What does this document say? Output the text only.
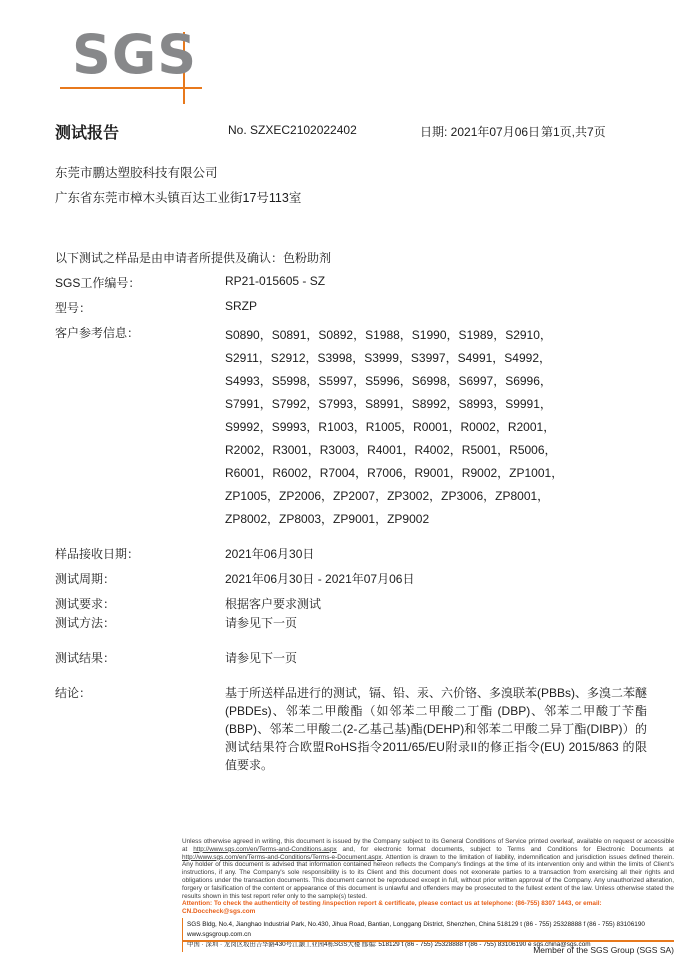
SGS
测试报告	No. SZXEC2102022402	日期: 2021年07月06日 第1页,共7页
东莞市鹏达塑胶科技有限公司
广东省东莞市樟木头镇百达工业街17号113室
以下测试之样品是由申请者所提供及确认：色粉助剂
SGS工作编号：	RP21-015605 - SZ
型号：	SRZP
客户参考信息：	S0890，S0891，S0892，S1988，S1990，S1989，S2910，
S2911，S2912，S3998，S3999，S3997，S4991，S4992，
S4993，S5998，S5997，S5996，S6998，S6997，S6996，
S7991，S7992，S7993，S8991，S8992，S8993，S9991，
S9992，S9993，R1003，R1005，R0001，R0002，R2001，
R2002，R3001，R3003，R4001，R4002，R5001，R5006，
R6001，R6002，R7004，R7006，R9001，R9002，ZP1001，
ZP1005，ZP2006，ZP2007，ZP3002，ZP3006，ZP8001，
ZP8002，ZP8003，ZP9001，ZP9002
样品接收日期：	2021年06月30日
测试周期：	2021年06月30日 - 2021年07月06日
测试要求：	根据客户要求测试
测试方法：	请参见下一页
测试结果：	请参见下一页
结论：	基于所送样品进行的测试，镉、铅、汞、六价铬、多溴联苯(PBBs)、多溴二苯醚(PBDEs)、邻苯二甲酸酯（如邻苯二甲酸二丁酯 (DBP)、邻苯二甲酸丁苄酯(BBP)、邻苯二甲酸二(2-乙基己基)酯(DEHP)和邻苯二甲酸二异丁酯(DIBP)）的测试结果符合欧盟RoHS指令2011/65/EU附录II的修正指令(EU) 2015/863 的限值要求。
Unless otherwise agreed in writing, this document is issued by the Company subject to its General Conditions of Service printed overleaf, available on request or accessible at http://www.sgs.com/en/Terms-and-Conditions.aspx and, for electronic format documents, subject to Terms and Conditions for Electronic Documents at http://www.sgs.com/en/Terms-and-Conditions/Terms-e-Document.aspx. Attention is drawn to the limitation of liability, indemnification and jurisdiction issues defined therein. Any holder of this document is advised that information contained hereon reflects the Company's findings at the time of its intervention only and within the limits of Client's instructions, if any. The Company's sole responsibility is to its Client and this document does not exonerate parties to a transaction from exercising all their rights and obligations under the transaction documents. This document cannot be reproduced except in full, without prior written approval of the Company. Any unauthorized alteration, forgery or falsification of the content or appearance of this document is unlawful and offenders may be prosecuted to the fullest extent of the law. Unless otherwise stated the results shown in this test report refer only to the sample(s) tested.
Attention: To check the authenticity of testing /inspection report & certificate, please contact us at telephone: (86-755) 8307 1443, or email: CN.Doccheck@sgs.com
SGS Bldg, No.4, Jianghao Industrial Park, No.430, Jihua Road, Bantian, Longgang District, Shenzhen, China 518129 t (86 - 755) 25328888 f (86 - 755) 83106190 www.sgsgroup.com.cn
中国 · 深圳 · 龙岗区坂田吉华路430号江灏工业园4栋SGS大楼 邮编: 518129 t (86 - 755) 25328888 f (86 - 755) 83106190 e sgs.china@sgs.com
Member of the SGS Group (SGS SA)
